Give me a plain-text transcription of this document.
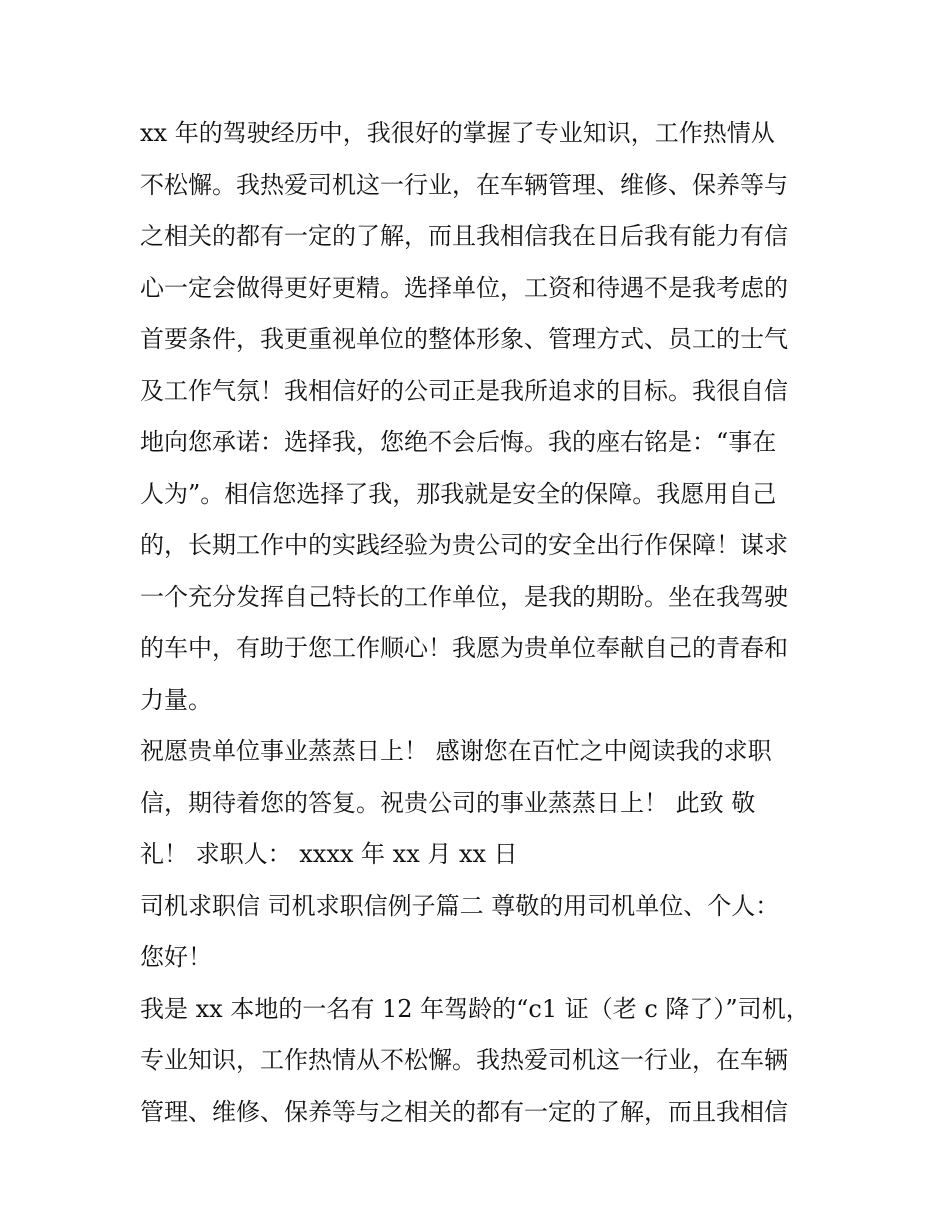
xx 年的驾驶经历中，我很好的掌握了专业知识，工作热情从
不松懈。我热爱司机这一行业，在车辆管理、维修、保养等与
之相关的都有一定的了解，而且我相信我在日后我有能力有信
心一定会做得更好更精。选择单位，工资和待遇不是我考虑的
首要条件，我更重视单位的整体形象、管理方式、员工的士气
及工作气氛！我相信好的公司正是我所追求的目标。我很自信
地向您承诺：选择我，您绝不会后悔。我的座右铭是：“事在
人为”。相信您选择了我，那我就是安全的保障。我愿用自己
的，长期工作中的实践经验为贵公司的安全出行作保障！谋求
一个充分发挥自己特长的工作单位，是我的期盼。坐在我驾驶
的车中，有助于您工作顺心！我愿为贵单位奉献自己的青春和
力量。
祝愿贵单位事业蒸蒸日上！ 感谢您在百忙之中阅读我的求职
信，期待着您的答复。祝贵公司的事业蒸蒸日上！ 此致 敬
礼！ 求职人： xxxx 年 xx 月 xx 日
司机求职信 司机求职信例子篇二 尊敬的用司机单位、个人：
您好！
我是 xx 本地的一名有 12 年驾龄的“c1 证（老 c 降了）”司机，
专业知识，工作热情从不松懈。我热爱司机这一行业，在车辆
管理、维修、保养等与之相关的都有一定的了解，而且我相信
